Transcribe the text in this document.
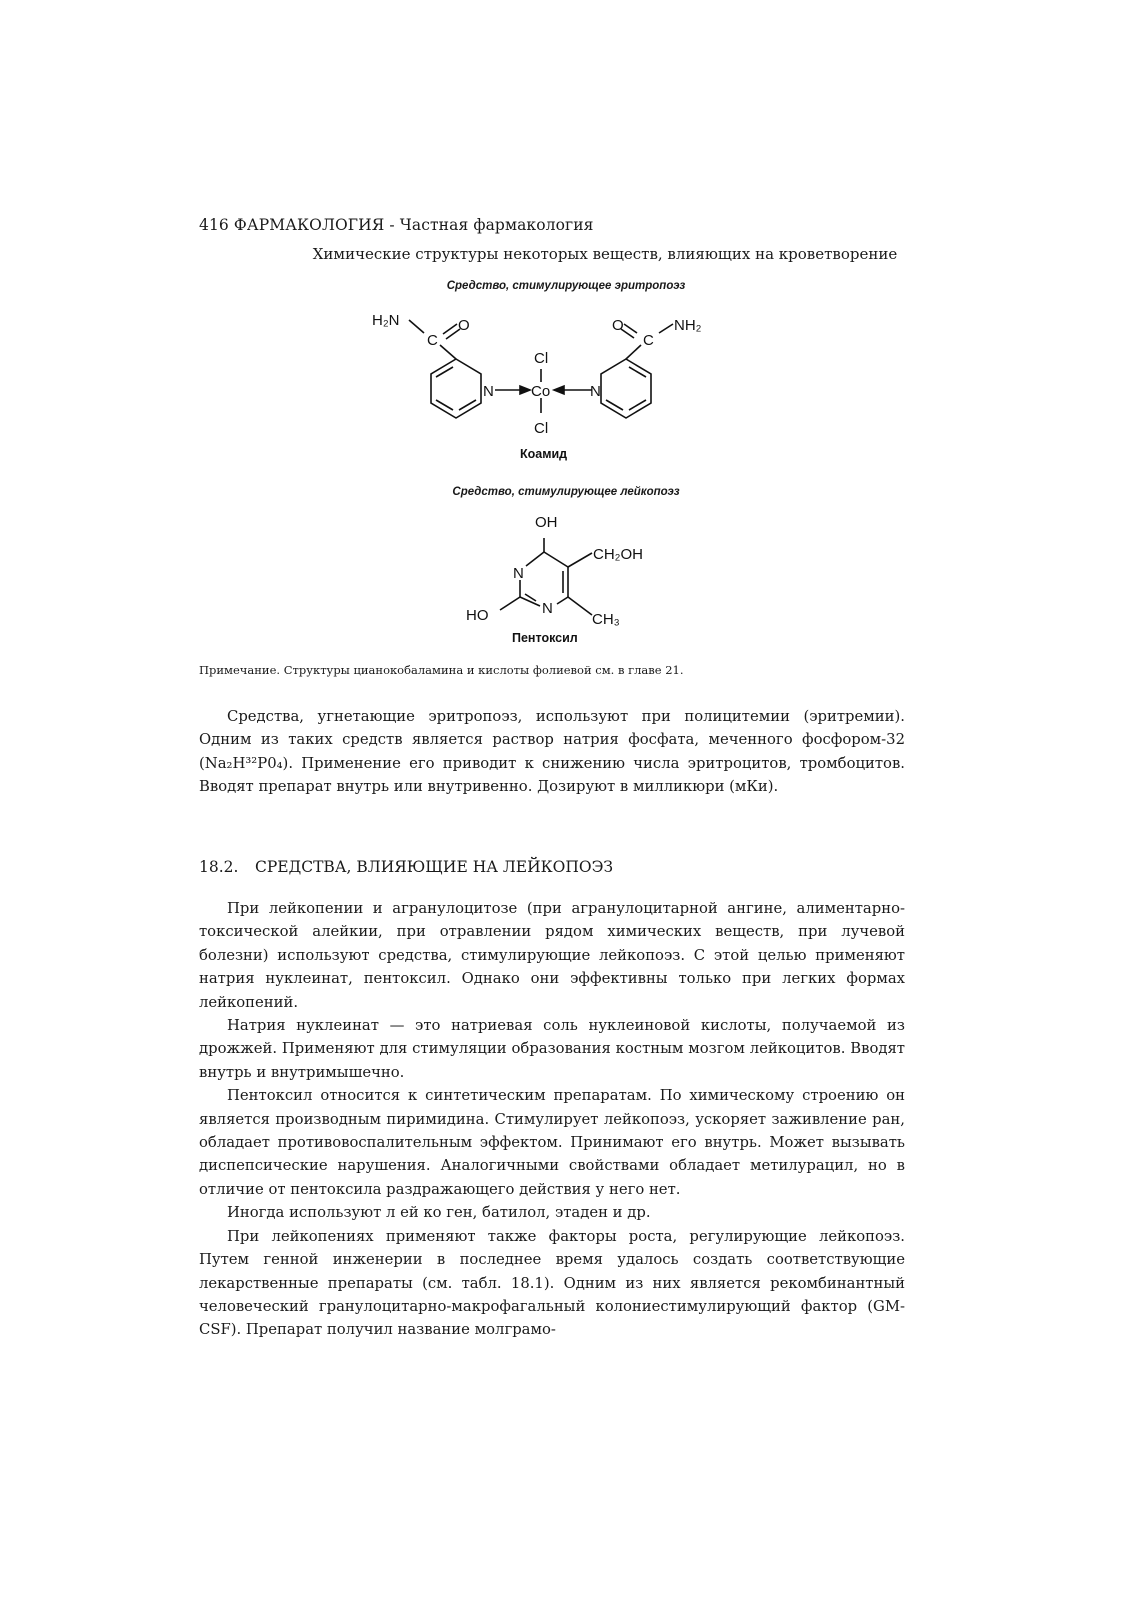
416 ФАРМАКОЛОГИЯ - Частная фармакология
Химические структуры некоторых веществ, влияющих на кроветворение
Средство, стимулирующее эритропоэз
H₂N	O
C
N Co
Cl
Cl
N
C
O	NH₂
Коамид
Средство, стимулирующее лейкопоэз
OH
CH₂OH
N
N
HO	CH₃
Пентоксил
Примечание. Структуры цианокобаламина и кислоты фолиевой см. в главе 21.

Средства, угнетающие эритропоэз, используют при полицитемии (эритремии). Одним из таких средств является раствор натрия фосфата, меченного фосфором-32 (Na₂H³²P0₄). Применение его приводит к снижению числа эритроцитов, тромбоцитов. Вводят препарат внутрь или внутривенно. Дозируют в милликюри (мКи).

18.2. СРЕДСТВА, ВЛИЯЮЩИЕ НА ЛЕЙКОПОЭЗ

При лейкопении и агранулоцитозе (при агранулоцитарной ангине, алиментарно-токсической алейкии, при отравлении рядом химических веществ, при лучевой болезни) используют средства, стимулирующие лейкопоэз. С этой целью применяют натрия нуклеинат, пентоксил. Однако они эффективны только при легких формах лейкопений.

Натрия нуклеинат — это натриевая соль нуклеиновой кислоты, получаемой из дрожжей. Применяют для стимуляции образования костным мозгом лейкоцитов. Вводят внутрь и внутримышечно.

Пентоксил относится к синтетическим препаратам. По химическому строению он является производным пиримидина. Стимулирует лейкопоэз, ускоряет заживление ран, обладает противовоспалительным эффектом. Принимают его внутрь. Может вызывать диспепсические нарушения. Аналогичными свойствами обладает метилурацил, но в отличие от пентоксила раздражающего действия у него нет.

Иногда используют л ей ко ген, батилол, этаден и др.

При лейкопениях применяют также факторы роста, регулирующие лейкопоэз. Путем генной инженерии в последнее время удалось создать соответствующие лекарственные препараты (см. табл. 18.1). Одним из них является рекомбинантный человеческий гранулоцитарно-макрофагальный колониестимулирующий фактор (GM-CSF). Препарат получил название молграмо-
